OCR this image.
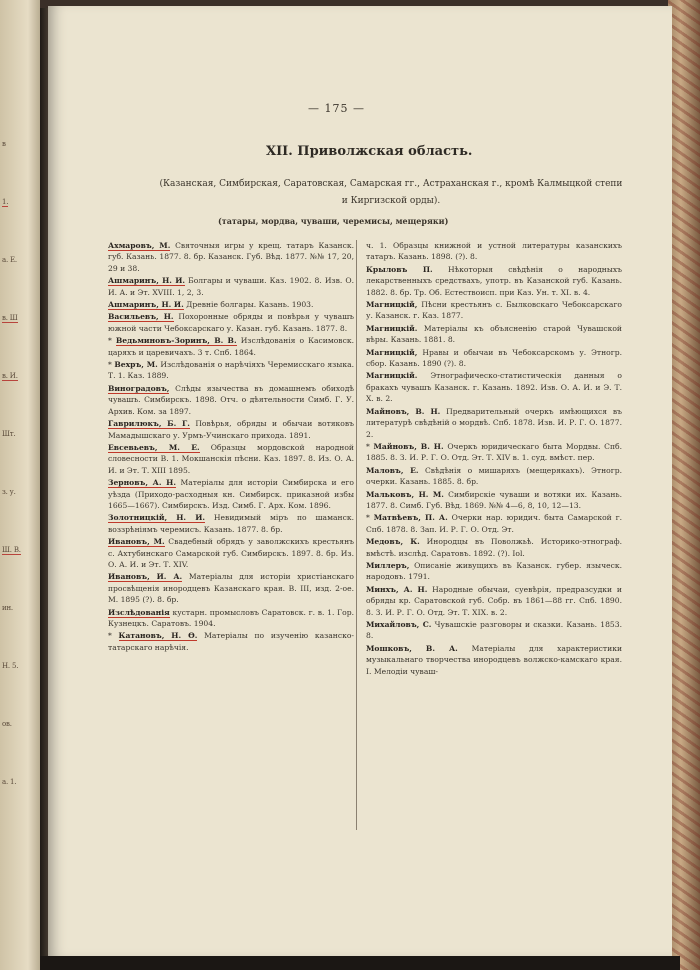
в
1.
а. Е.
в. Ш
в. И.
Шт.
з. у.
Ш. В.
ин.
Н. 5.
ов.
а. 1.
— 175 —
XII. Приволжская область.
(Казанская, Симбирская, Саратовская, Самарская гг., Астраханская г., кромѣ Калмыцкой степи и Киргизской орды).
(татары, мордва, чуваши, черемисы, мещеряки)
Ахмаровъ, М. Святочныя игры у крещ. татаръ Казанск. губ. Казань. 1877. 8. бр. Казанск. Губ. Вѣд. 1877. №№ 17, 20, 29 и 38.
Ашмаринъ, Н. И. Болгары и чуваши. Каз. 1902. 8. Изв. О. И. А. и Эт. XVIII. 1, 2, 3.
Ашмаринъ, Н. И. Древніе болгары. Казань. 1903.
Васильевъ, Н. Похоронные обряды и повѣрья у чувашъ южной части Чебоксарскаго у. Казан. губ. Казань. 1877. 8.
* Ведьминовъ-Зоринъ, В. В. Изслѣдованія о Касимовск. царяхъ и царевичахъ. 3 т. Спб. 1864.
* Вехръ, М. Изслѣдованія о нарѣчіяхъ Черемисскаго языка. Т. 1. Каз. 1889.
Виноградовъ, Слѣды язычества въ домашнемъ обиходѣ чувашъ. Симбирскъ. 1898. Отч. о дѣятельности Симб. Г. У. Архив. Ком. за 1897.
Гаврилюкъ, Б. Г. Повѣрья, обряды и обычаи вотяковъ Мамадышскаго у. Урмъ-Учинскаго прихода. 1891.
Евсевьевъ, М. Е. Образцы мордовской народной словесности В. 1. Мокшанскія пѣсни. Каз. 1897. 8. Из. О. А. И. и Эт. Т. XIII 1895.
Зерновъ, А. Н. Матеріалы для исторіи Симбирска и его уѣзда (Приходо-расходныя кн. Симбирск. приказной избы 1665—1667). Симбирскъ. Изд. Симб. Г. Арх. Ком. 1896.
Золотницкій, Н. И. Невидимый міръ по шаманск. воззрѣніямъ черемисъ. Казань. 1877. 8. бр.
Ивановъ, М. Свадебный обрядъ у заволжскихъ крестьянъ с. Ахтубинскаго Самарской губ. Симбирскъ. 1897. 8. бр. Из. О. А. И. и Эт. Т. XIV.
Ивановъ, И. А. Матеріалы для исторіи христіанскаго просвѣщенія инородцевъ Казанскаго края. В. III, изд. 2-ое. М. 1895 (?). 8. бр.
Изслѣдованія кустарн. промысловъ Саратовск. г. в. 1. Гор. Кузнецкъ. Саратовъ. 1904.
* Катановъ, Н. Ө. Матеріалы по изученію казанско-татарскаго нарѣчія.
ч. 1. Образцы книжной и устной литературы казанскихъ татаръ. Казань. 1898. (?). 8.
Крыловъ П. Нѣкоторыя свѣдѣнія о народныхъ лекарственныхъ средствахъ, употр. въ Казанской губ. Казань. 1882. 8. бр. Тр. Об. Естествоисп. при Каз. Ун. т. XI. в. 4.
Магницкій, Пѣсни крестьянъ с. Былковскаго Чебоксарскаго у. Казанск. г. Каз. 1877.
Магницкій. Матеріалы къ объясненію старой Чувашской вѣры. Казань. 1881. 8.
Магницкій, Нравы и обычаи въ Чебоксарскомъ у. Этногр. сбор. Казань. 1890 (?). 8.
Магницкій. Этнографическо-статистическія данныя о бракахъ чувашъ Казанск. г. Казань. 1892. Изв. О. А. И. и Э. Т. X. в. 2.
Майновъ, В. Н. Предварительный очеркъ имѣющихся въ литературѣ свѣдѣній о мордвѣ. Спб. 1878. Изв. И. Р. Г. О. 1877. 2.
* Майновъ, В. Н. Очеркъ юридическаго быта Мордвы. Спб. 1885. 8. З. И. Р. Г. О. Отд. Эт. Т. XIV в. 1. суд. вмѣст. пер.
Маловъ, Е. Свѣдѣнія о мишаряхъ (мещерякахъ). Этногр. очерки. Казань. 1885. 8. бр.
Мальковъ, Н. М. Симбирскіе чуваши и вотяки их. Казань. 1877. 8. Симб. Губ. Вѣд. 1869. №№ 4—6, 8, 10, 12—13.
* Матвѣевъ, П. А. Очерки нар. юридич. быта Самарской г. Спб. 1878. 8. Зап. И. Р. Г. О. Отд. Эт.
Медовъ, К. Инородцы въ Поволжьѣ. Историко-этнограф. вмѣстѣ. изслѣд. Саратовъ. 1892. (?). Iol.
Миллеръ, Описаніе живущихъ въ Казанск. губер. языческ. народовъ. 1791.
Минхъ, А. Н. Народные обычаи, суевѣрія, предразсудки и обряды кр. Саратовской губ. Собр. въ 1861—88 гг. Спб. 1890. 8. З. И. Р. Г. О. Отд. Эт. Т. XIX. в. 2.
Михайловъ, С. Чувашскіе разговоры и сказки. Казань. 1853. 8.
Мошковъ, В. А. Матеріалы для характеристики музыкальнаго творчества инородцевъ волжско-камскаго края. І. Мелодіи чуваш-
